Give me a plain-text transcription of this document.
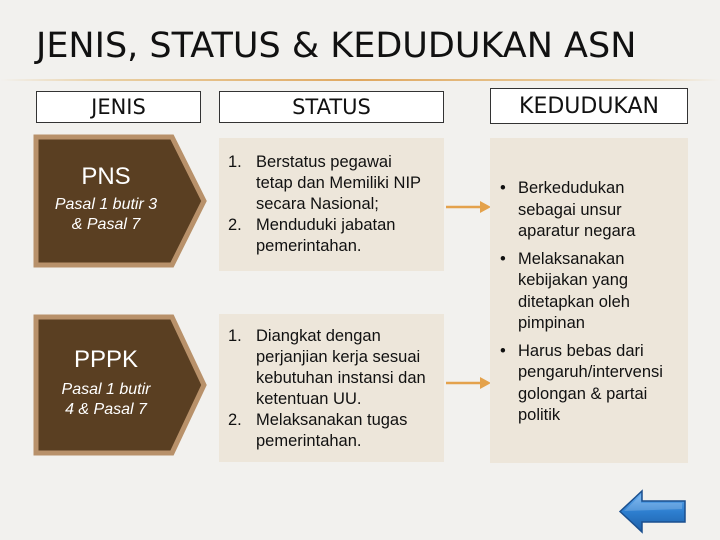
JENIS, STATUS & KEDUDUKAN ASN
JENIS	STATUS	KEDUDUKAN
PNS
Pasal 1 butir 3
& Pasal 7
PPPK
Pasal 1 butir
4 & Pasal 7
1. Berstatus pegawai
tetap dan Memiliki NIP
secara Nasional;
2. Menduduki jabatan
pemerintahan.
1. Diangkat dengan
perjanjian kerja sesuai
kebutuhan instansi dan
ketentuan UU.
2. Melaksanakan tugas
pemerintahan.
• Berkedudukan
sebagai unsur
aparatur negara
• Melaksanakan
kebijakan yang
ditetapkan oleh
pimpinan
• Harus bebas dari
pengaruh/intervensi
golongan & partai
politik
